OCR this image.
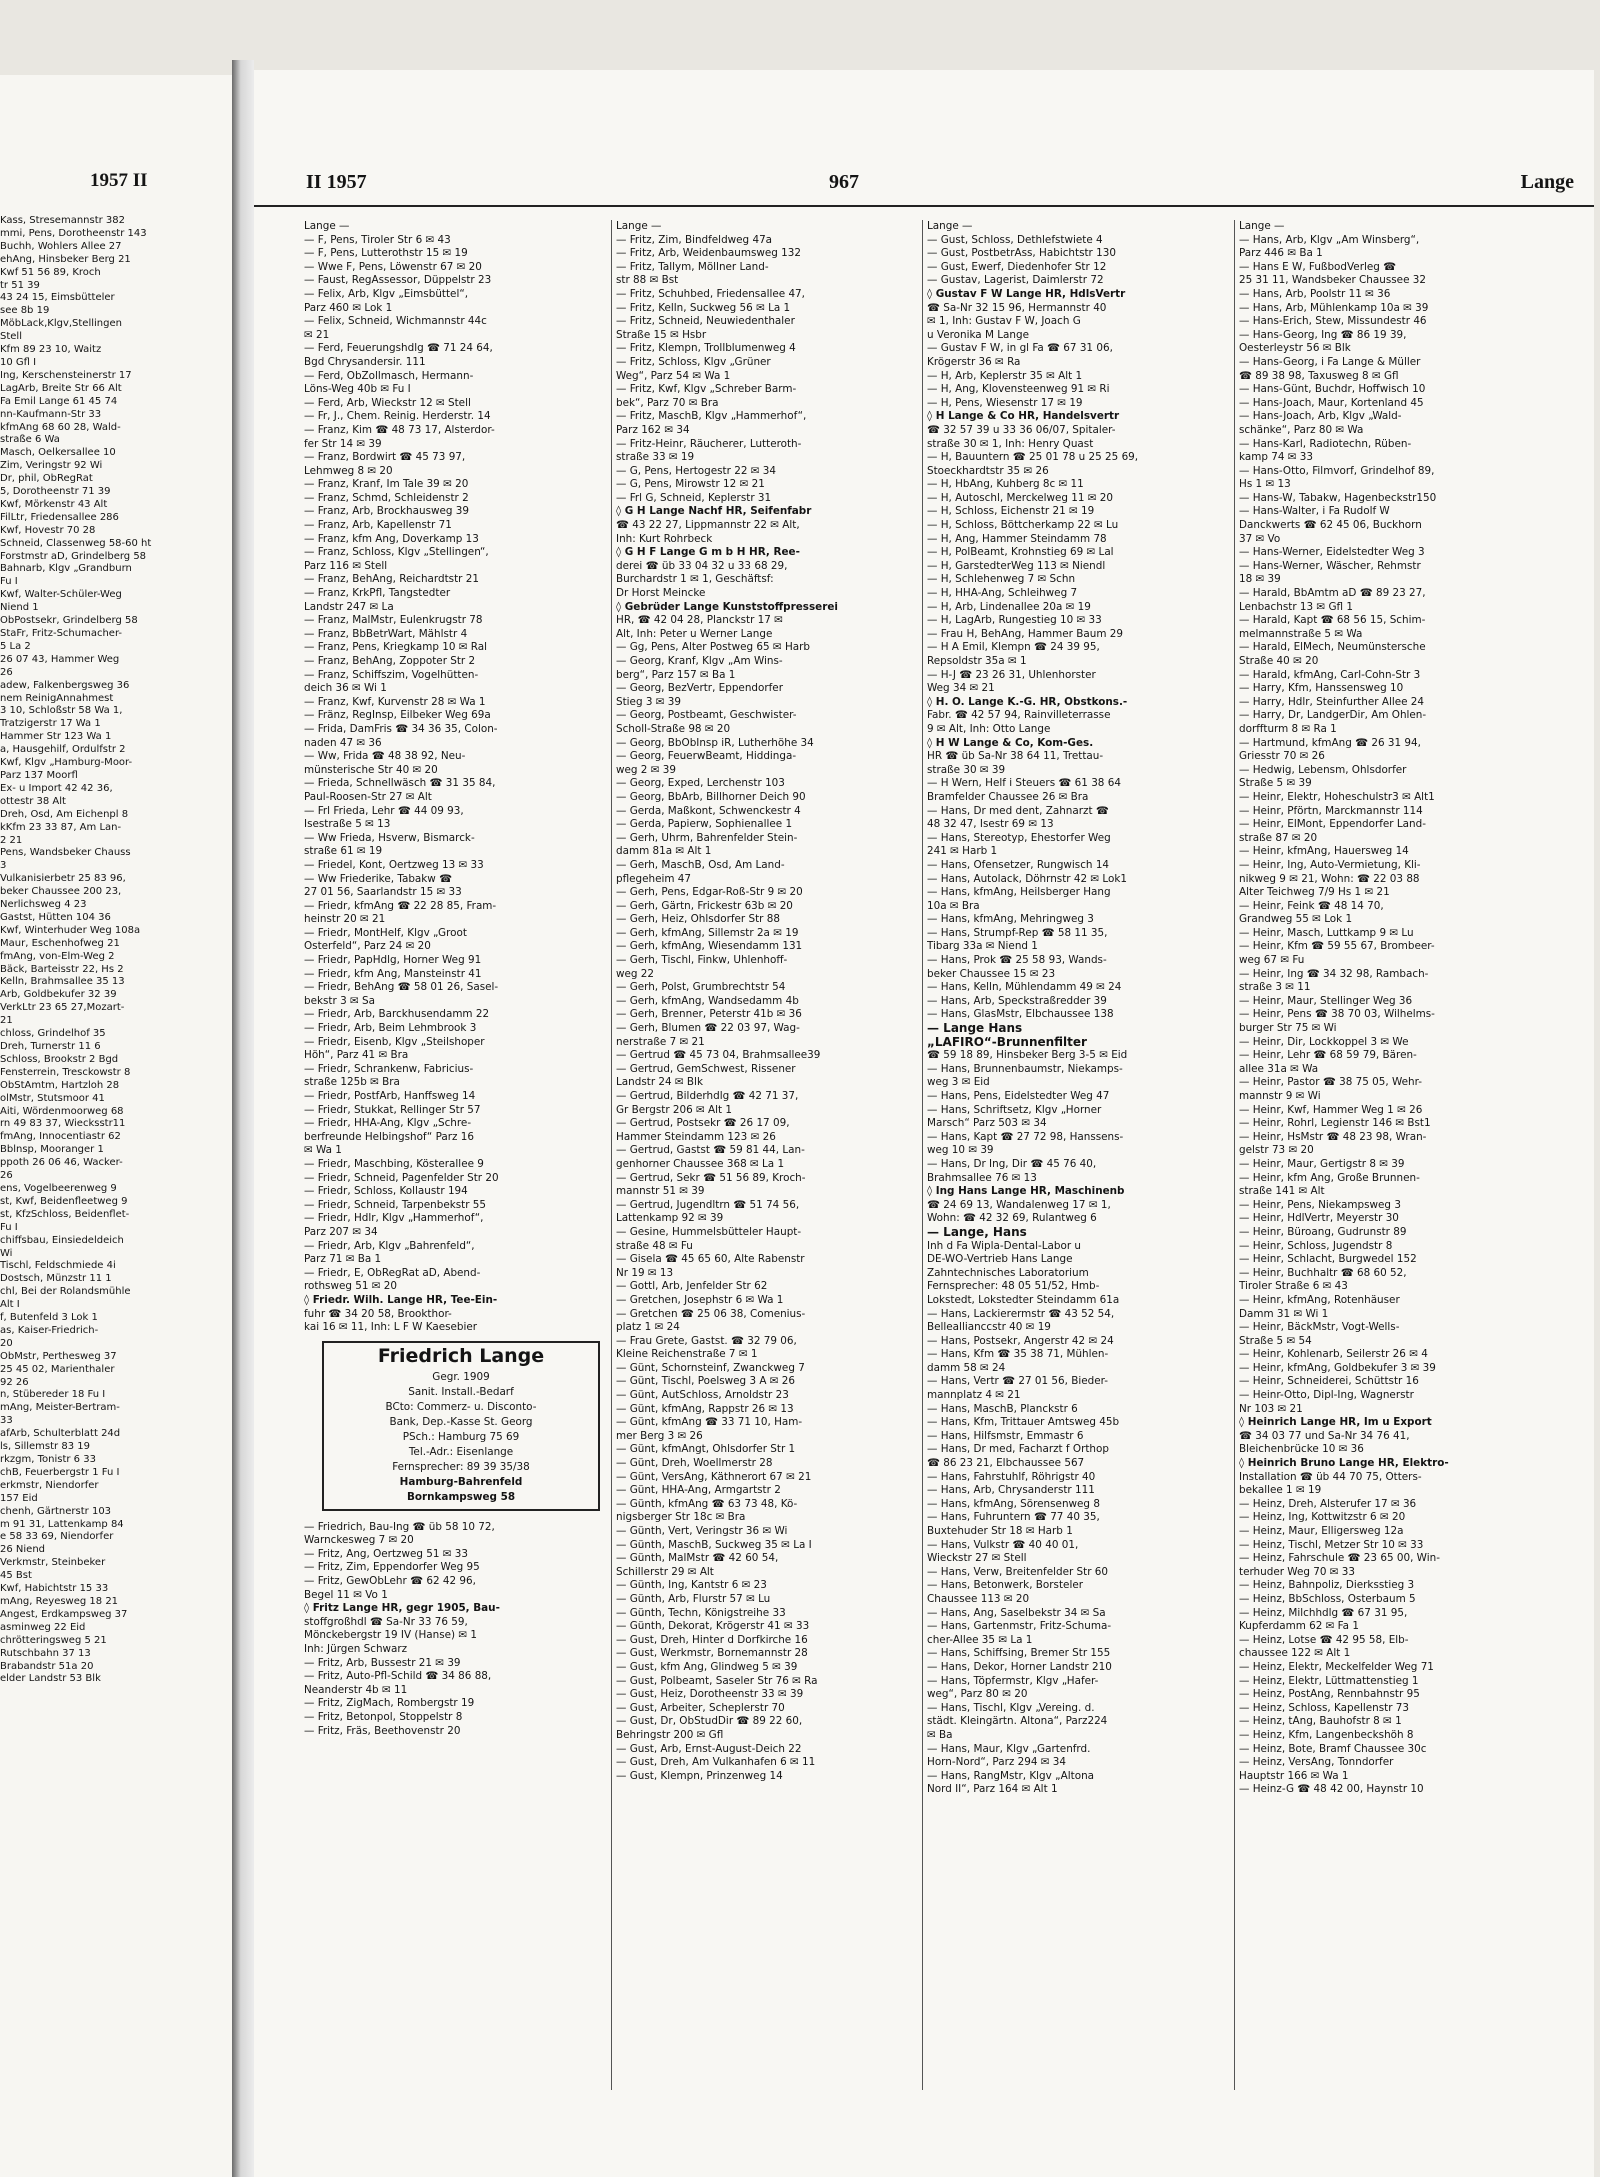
1957 II
Kass, Stresemannstr 382
mmi, Pens, Dorotheenstr 143
Buchh, Wohlers Allee 27
ehAng, Hinsbeker Berg 21
Kwf 51 56 89, Kroch
tr 51 39
43 24 15, Eimsbütteler
see 8b 19
MöbLack,Klgv,Stellingen
Stell
Kfm 89 23 10, Waitz
10 Gfl I
Ing, Kerschensteinerstr 17
LagArb, Breite Str 66 Alt
Fa Emil Lange 61 45 74
nn-Kaufmann-Str 33
kfmAng 68 60 28, Wald-
straße 6 Wa
Masch, Oelkersallee 10
Zim, Veringstr 92 Wi
Dr, phil, ObRegRat
5, Dorotheenstr 71 39
Kwf, Mörkenstr 43 Alt
FilLtr, Friedensallee 286
Kwf, Hovestr 70 28
Schneid, Classenweg 58-60 ht
Forstmstr aD, Grindelberg 58
Bahnarb, Klgv „Grandburn
Fu I
Kwf, Walter-Schüler-Weg
Niend 1
ObPostsekr, Grindelberg 58
StaFr, Fritz-Schumacher-
5 La 2
26 07 43, Hammer Weg
26
adew, Falkenbergsweg 36
nem ReinigAnnahmest
3 10, Schloßstr 58 Wa 1,
Tratzigerstr 17 Wa 1
Hammer Str 123 Wa 1
a, Hausgehilf, Ordulfstr 2
Kwf, Klgv „Hamburg-Moor-
Parz 137 Moorfl
Ex- u Import 42 42 36,
ottestr 38 Alt
Dreh, Osd, Am Eichenpl 8
kKfm 23 33 87, Am Lan-
2 21
Pens, Wandsbeker Chauss
3
Vulkanisierbetr 25 83 96,
beker Chaussee 200 23,
Nerlichsweg 4 23
Gastst, Hütten 104 36
Kwf, Winterhuder Weg 108a
Maur, Eschenhofweg 21
fmAng, von-Elm-Weg 2
Bäck, Barteisstr 22, Hs 2
Kelln, Brahmsallee 35 13
Arb, Goldbekufer 32 39
VerkLtr 23 65 27,Mozart-
21
chloss, Grindelhof 35
Dreh, Turnerstr 11 6
Schloss, Brookstr 2 Bgd
Fensterrein, Tresckowstr 8
ObStAmtm, Hartzloh 28
olMstr, Stutsmoor 41
Aiti, Wördenmoorweg 68
rn 49 83 37, Wiecksstr11
fmAng, Innocentiastr 62
Bblnsp, Mooranger 1
ppoth 26 06 46, Wacker-
26
ens, Vogelbeerenweg 9
st, Kwf, Beidenfleetweg 9
st, KfzSchloss, Beidenflet-
Fu I
chiffsbau, Einsiedeldeich
Wi
Tischl, Feldschmiede 4i
Dostsch, Münzstr 11 1
chl, Bei der Rolandsmühle
Alt I
f, Butenfeld 3 Lok 1
as, Kaiser-Friedrich-
20
ObMstr, Perthesweg 37
25 45 02, Marienthaler
92 26
n, Stübereder 18 Fu I
mAng, Meister-Bertram-
33
afArb, Schulterblatt 24d
ls, Sillemstr 83 19
rkzgm, Tonistr 6 33
chB, Feuerbergstr 1 Fu I
erkmstr, Niendorfer
157 Eid
chenh, Gärtnerstr 103
m 91 31, Lattenkamp 84
e 58 33 69, Niendorfer
26 Niend
Verkmstr, Steinbeker
45 Bst
Kwf, Habichtstr 15 33
mAng, Reyesweg 18 21
Angest, Erdkampsweg 37
asminweg 22 Eid
chrötteringsweg 5 21
Rutschbahn 37 13
Brabandstr 51a 20
elder Landstr 53 Blk
II 1957	967	Lange
Lange —
— F, Pens, Tiroler Str 6 ✉ 43
— F, Pens, Lutterothstr 15 ✉ 19
— Wwe F, Pens, Löwenstr 67 ✉ 20
— Faust, RegAssessor, Düppelstr 23
— Felix, Arb, Klgv „Eimsbüttel“,
Parz 460 ✉ Lok 1
— Felix, Schneid, Wichmannstr 44c
✉ 21
— Ferd, Feuerungshdlg ☎ 71 24 64,
Bgd Chrysandersir. 111
— Ferd, ObZollmasch, Hermann-
Löns-Weg 40b ✉ Fu I
— Ferd, Arb, Wieckstr 12 ✉ Stell
— Fr, J., Chem. Reinig. Herderstr. 14
— Franz, Kim ☎ 48 73 17, Alsterdor-
fer Str 14 ✉ 39
— Franz, Bordwirt ☎ 45 73 97,
Lehmweg 8 ✉ 20
— Franz, Kranf, Im Tale 39 ✉ 20
— Franz, Schmd, Schleidenstr 2
— Franz, Arb, Brockhausweg 39
— Franz, Arb, Kapellenstr 71
— Franz, kfm Ang, Doverkamp 13
— Franz, Schloss, Klgv „Stellingen“,
Parz 116 ✉ Stell
— Franz, BehAng, Reichardtstr 21
— Franz, KrkPfl, Tangstedter
Landstr 247 ✉ La
— Franz, MalMstr, Eulenkrugstr 78
— Franz, BbBetrWart, Mählstr 4
— Franz, Pens, Kriegkamp 10 ✉ Ral
— Franz, BehAng, Zoppoter Str 2
— Franz, Schiffszim, Vogelhütten-
deich 36 ✉ Wi 1
— Franz, Kwf, Kurvenstr 28 ✉ Wa 1
— Fränz, RegInsp, Eilbeker Weg 69a
— Frida, DamFris ☎ 34 36 35, Colon-
naden 47 ✉ 36
— Ww, Frida ☎ 48 38 92, Neu-
münsterische Str 40 ✉ 20
— Frieda, Schnellwäsch ☎ 31 35 84,
Paul-Roosen-Str 27 ✉ Alt
— Frl Frieda, Lehr ☎ 44 09 93,
Isestraße 5 ✉ 13
— Ww Frieda, Hsverw, Bismarck-
straße 61 ✉ 19
— Friedel, Kont, Oertzweg 13 ✉ 33
— Ww Friederike, Tabakw ☎
27 01 56, Saarlandstr 15 ✉ 33
— Friedr, kfmAng ☎ 22 28 85, Fram-
heinstr 20 ✉ 21
— Friedr, MontHelf, Klgv „Groot
Osterfeld“, Parz 24 ✉ 20
— Friedr, PapHdlg, Horner Weg 91
— Friedr, kfm Ang, Mansteinstr 41
— Friedr, BehAng ☎ 58 01 26, Sasel-
bekstr 3 ✉ Sa
— Friedr, Arb, Barckhusendamm 22
— Friedr, Arb, Beim Lehmbrook 3
— Friedr, Eisenb, Klgv „Steilshoper
Höh“, Parz 41 ✉ Bra
— Friedr, Schrankenw, Fabricius-
straße 125b ✉ Bra
— Friedr, PostfArb, Hanffsweg 14
— Friedr, Stukkat, Rellinger Str 57
— Friedr, HHA-Ang, Klgv „Schre-
berfreunde Helbingshof“ Parz 16
✉ Wa 1
— Friedr, Maschbing, Kösterallee 9
— Friedr, Schneid, Pagenfelder Str 20
— Friedr, Schloss, Kollaustr 194
— Friedr, Schneid, Tarpenbekstr 55
— Friedr, Hdlr, Klgv „Hammerhof“,
Parz 207 ✉ 34
— Friedr, Arb, Klgv „Bahrenfeld“,
Parz 71 ✉ Ba 1
— Friedr, E, ObRegRat aD, Abend-
rothsweg 51 ✉ 20
◊ Friedr. Wilh. Lange HR, Tee-Ein-
fuhr ☎ 34 20 58, Brookthor-
kai 16 ✉ 11, Inh: L F W Kaesebier
Friedrich Lange
Gegr. 1909
Sanit. Install.-Bedarf
BCto: Commerz- u. Disconto-
Bank, Dep.-Kasse St. Georg
PSch.: Hamburg 75 69
Tel.-Adr.: Eisenlange
Fernsprecher: 89 39 35/38
Hamburg-Bahrenfeld
Bornkampsweg 58
— Friedrich, Bau-Ing ☎ üb 58 10 72,
Warnckesweg 7 ✉ 20
— Fritz, Ang, Oertzweg 51 ✉ 33
— Fritz, Zim, Eppendorfer Weg 95
— Fritz, GewObLehr ☎ 62 42 96,
Begel 11 ✉ Vo 1
◊ Fritz Lange HR, gegr 1905, Bau-
stoffgroßhdl ☎ Sa-Nr 33 76 59,
Mönckebergstr 19 IV (Hanse) ✉ 1
Inh: Jürgen Schwarz
— Fritz, Arb, Bussestr 21 ✉ 39
— Fritz, Auto-Pfl-Schild ☎ 34 86 88,
Neanderstr 4b ✉ 11
— Fritz, ZigMach, Rombergstr 19
— Fritz, Betonpol, Stoppelstr 8
— Fritz, Fräs, Beethovenstr 20
Lange —
— Fritz, Zim, Bindfeldweg 47a
— Fritz, Arb, Weidenbaumsweg 132
— Fritz, Tallym, Möllner Land-
str 88 ✉ Bst
— Fritz, Schuhbed, Friedensallee 47,
— Fritz, Kelln, Suckweg 56 ✉ La 1
— Fritz, Schneid, Neuwiedenthaler
Straße 15 ✉ Hsbr
— Fritz, Klempn, Trollblumenweg 4
— Fritz, Schloss, Klgv „Grüner
Weg“, Parz 54 ✉ Wa 1
— Fritz, Kwf, Klgv „Schreber Barm-
bek“, Parz 70 ✉ Bra
— Fritz, MaschB, Klgv „Hammerhof“,
Parz 162 ✉ 34
— Fritz-Heinr, Räucherer, Lutteroth-
straße 33 ✉ 19
— G, Pens, Hertogestr 22 ✉ 34
— G, Pens, Mirowstr 12 ✉ 21
— Frl G, Schneid, Keplerstr 31
◊ G H Lange Nachf HR, Seifenfabr
☎ 43 22 27, Lippmannstr 22 ✉ Alt,
Inh: Kurt Rohrbeck
◊ G H F Lange G m b H HR, Ree-
derei ☎ üb 33 04 32 u 33 68 29,
Burchardstr 1 ✉ 1, Geschäftsf:
Dr Horst Meincke
◊ Gebrüder Lange Kunststoffpresserei
HR, ☎ 42 04 28, Planckstr 17 ✉
Alt, Inh: Peter u Werner Lange
— Gg, Pens, Alter Postweg 65 ✉ Harb
— Georg, Kranf, Klgv „Am Wins-
berg“, Parz 157 ✉ Ba 1
— Georg, BezVertr, Eppendorfer
Stieg 3 ✉ 39
— Georg, Postbeamt, Geschwister-
Scholl-Straße 98 ✉ 20
— Georg, BbObInsp iR, Lutherhöhe 34
— Georg, FeuerwBeamt, Hiddinga-
weg 2 ✉ 39
— Georg, Exped, Lerchenstr 103
— Georg, BbArb, Billhorner Deich 90
— Gerda, Maßkont, Schwenckestr 4
— Gerda, Papierw, Sophienallee 1
— Gerh, Uhrm, Bahrenfelder Stein-
damm 81a ✉ Alt 1
— Gerh, MaschB, Osd, Am Land-
pflegeheim 47
— Gerh, Pens, Edgar-Roß-Str 9 ✉ 20
— Gerh, Gärtn, Frickestr 63b ✉ 20
— Gerh, Heiz, Ohlsdorfer Str 88
— Gerh, kfmAng, Sillemstr 2a ✉ 19
— Gerh, kfmAng, Wiesendamm 131
— Gerh, Tischl, Finkw, Uhlenhoff-
weg 22
— Gerh, Polst, Grumbrechtstr 54
— Gerh, kfmAng, Wandsedamm 4b
— Gerh, Brenner, Peterstr 41b ✉ 36
— Gerh, Blumen ☎ 22 03 97, Wag-
nerstraße 7 ✉ 21
— Gertrud ☎ 45 73 04, Brahmsallee39
— Gertrud, GemSchwest, Rissener
Landstr 24 ✉ Blk
— Gertrud, Bilderhdlg ☎ 42 71 37,
Gr Bergstr 206 ✉ Alt 1
— Gertrud, Postsekr ☎ 26 17 09,
Hammer Steindamm 123 ✉ 26
— Gertrud, Gastst ☎ 59 81 44, Lan-
genhorner Chaussee 368 ✉ La 1
— Gertrud, Sekr ☎ 51 56 89, Kroch-
mannstr 51 ✉ 39
— Gertrud, Jugendltrn ☎ 51 74 56,
Lattenkamp 92 ✉ 39
— Gesine, Hummelsbütteler Haupt-
straße 48 ✉ Fu
— Gisela ☎ 45 65 60, Alte Rabenstr
Nr 19 ✉ 13
— Gottl, Arb, Jenfelder Str 62
— Gretchen, Josephstr 6 ✉ Wa 1
— Gretchen ☎ 25 06 38, Comenius-
platz 1 ✉ 24
— Frau Grete, Gastst. ☎ 32 79 06,
Kleine Reichenstraße 7 ✉ 1
— Günt, Schornsteinf, Zwanckweg 7
— Günt, Tischl, Poelsweg 3 A ✉ 26
— Günt, AutSchloss, Arnoldstr 23
— Günt, kfmAng, Rappstr 26 ✉ 13
— Günt, kfmAng ☎ 33 71 10, Ham-
mer Berg 3 ✉ 26
— Günt, kfmAngt, Ohlsdorfer Str 1
— Günt, Dreh, Woellmerstr 28
— Günt, VersAng, Käthnerort 67 ✉ 21
— Günt, HHA-Ang, Armgartstr 2
— Günth, kfmAng ☎ 63 73 48, Kö-
nigsberger Str 18c ✉ Bra
— Günth, Vert, Veringstr 36 ✉ Wi
— Günth, MaschB, Suckweg 35 ✉ La I
— Günth, MalMstr ☎ 42 60 54,
Schillerstr 29 ✉ Alt
— Günth, Ing, Kantstr 6 ✉ 23
— Günth, Arb, Flurstr 57 ✉ Lu
— Günth, Techn, Königstreihe 33
— Günth, Dekorat, Krögerstr 41 ✉ 33
— Gust, Dreh, Hinter d Dorfkirche 16
— Gust, Werkmstr, Bornemannstr 28
— Gust, kfm Ang, Glindweg 5 ✉ 39
— Gust, Polbeamt, Saseler Str 76 ✉ Ra
— Gust, Heiz, Dorotheenstr 33 ✉ 39
— Gust, Arbeiter, Scheplerstr 70
— Gust, Dr, ObStudDir ☎ 89 22 60,
Behringstr 200 ✉ Gfl
— Gust, Arb, Ernst-August-Deich 22
— Gust, Dreh, Am Vulkanhafen 6 ✉ 11
— Gust, Klempn, Prinzenweg 14
Lange —
— Gust, Schloss, Dethlefstwiete 4
— Gust, PostbetrAss, Habichtstr 130
— Gust, Ewerf, Diedenhofer Str 12
— Gustav, Lagerist, Daimlerstr 72
◊ Gustav F W Lange HR, HdlsVertr
☎ Sa-Nr 32 15 96, Hermannstr 40
✉ 1, Inh: Gustav F W, Joach G
u Veronika M Lange
— Gustav F W, in gl Fa ☎ 67 31 06,
Krögerstr 36 ✉ Ra
— H, Arb, Keplerstr 35 ✉ Alt 1
— H, Ang, Klovensteenweg 91 ✉ Ri
— H, Pens, Wiesenstr 17 ✉ 19
◊ H Lange & Co HR, Handelsvertr
☎ 32 57 39 u 33 36 06/07, Spitaler-
straße 30 ✉ 1, Inh: Henry Quast
— H, Bauuntern ☎ 25 01 78 u 25 25 69,
Stoeckhardtstr 35 ✉ 26
— H, HbAng, Kuhberg 8c ✉ 11
— H, Autoschl, Merckelweg 11 ✉ 20
— H, Schloss, Eichenstr 21 ✉ 19
— H, Schloss, Böttcherkamp 22 ✉ Lu
— H, Ang, Hammer Steindamm 78
— H, PolBeamt, Krohnstieg 69 ✉ Lal
— H, GarstedterWeg 113 ✉ Niendl
— H, Schlehenweg 7 ✉ Schn
— H, HHA-Ang, Schleihweg 7
— H, Arb, Lindenallee 20a ✉ 19
— H, LagArb, Rungestieg 10 ✉ 33
— Frau H, BehAng, Hammer Baum 29
— H A Emil, Klempn ☎ 24 39 95,
Repsoldstr 35a ✉ 1
— H-J ☎ 23 26 31, Uhlenhorster
Weg 34 ✉ 21
◊ H. O. Lange K.-G. HR, Obstkons.-
Fabr. ☎ 42 57 94, Rainvilleterrasse
9 ✉ Alt, Inh: Otto Lange
◊ H W Lange & Co, Kom-Ges.
HR ☎ üb Sa-Nr 38 64 11, Trettau-
straße 30 ✉ 39
— H Wern, Helf i Steuers ☎ 61 38 64
Bramfelder Chaussee 26 ✉ Bra
— Hans, Dr med dent, Zahnarzt ☎
48 32 47, Isestr 69 ✉ 13
— Hans, Stereotyp, Ehestorfer Weg
241 ✉ Harb 1
— Hans, Ofensetzer, Rungwisch 14
— Hans, Autolack, Döhrnstr 42 ✉ Lok1
— Hans, kfmAng, Heilsberger Hang
10a ✉ Bra
— Hans, kfmAng, Mehringweg 3
— Hans, Strumpf-Rep ☎ 58 11 35,
Tibarg 33a ✉ Niend 1
— Hans, Prok ☎ 25 58 93, Wands-
beker Chaussee 15 ✉ 23
— Hans, Kelln, Mühlendamm 49 ✉ 24
— Hans, Arb, Speckstraßredder 39
— Hans, GlasMstr, Elbchaussee 138
— Lange Hans
„LAFIRO“-Brunnenfilter
☎ 59 18 89, Hinsbeker Berg 3-5 ✉ Eid
— Hans, Brunnenbaumstr, Niekamps-
weg 3 ✉ Eid
— Hans, Pens, Eidelstedter Weg 47
— Hans, Schriftsetz, Klgv „Horner
Marsch“ Parz 503 ✉ 34
— Hans, Kapt ☎ 27 72 98, Hanssens-
weg 10 ✉ 39
— Hans, Dr Ing, Dir ☎ 45 76 40,
Brahmsallee 76 ✉ 13
◊ Ing Hans Lange HR, Maschinenb
☎ 24 69 13, Wandalenweg 17 ✉ 1,
Wohn: ☎ 42 32 69, Rulantweg 6
— Lange, Hans
Inh d Fa Wipla-Dental-Labor u
DE-WO-Vertrieb Hans Lange
Zahntechnisches Laboratorium
Fernsprecher: 48 05 51/52, Hmb-
Lokstedt, Lokstedter Steindamm 61a
— Hans, Lackierermstr ☎ 43 52 54,
Belleallianccstr 40 ✉ 19
— Hans, Postsekr, Angerstr 42 ✉ 24
— Hans, Kfm ☎ 35 38 71, Mühlen-
damm 58 ✉ 24
— Hans, Vertr ☎ 27 01 56, Bieder-
mannplatz 4 ✉ 21
— Hans, MaschB, Planckstr 6
— Hans, Kfm, Trittauer Amtsweg 45b
— Hans, Hilfsmstr, Emmastr 6
— Hans, Dr med, Facharzt f Orthop
☎ 86 23 21, Elbchaussee 567
— Hans, Fahrstuhlf, Röhrigstr 40
— Hans, Arb, Chrysanderstr 111
— Hans, kfmAng, Sörensenweg 8
— Hans, Fuhruntern ☎ 77 40 35,
Buxtehuder Str 18 ✉ Harb 1
— Hans, Vulkstr ☎ 40 40 01,
Wieckstr 27 ✉ Stell
— Hans, Verw, Breitenfelder Str 60
— Hans, Betonwerk, Borsteler
Chaussee 113 ✉ 20
— Hans, Ang, Saselbekstr 34 ✉ Sa
— Hans, Gartenmstr, Fritz-Schuma-
cher-Allee 35 ✉ La 1
— Hans, Schiffsing, Bremer Str 155
— Hans, Dekor, Horner Landstr 210
— Hans, Töpfermstr, Klgv „Hafer-
weg“, Parz 80 ✉ 20
— Hans, Tischl, Klgv „Vereing. d.
städt. Kleingärtn. Altona“, Parz224
✉ Ba
— Hans, Maur, Klgv „Gartenfrd.
Horn-Nord“, Parz 294 ✉ 34
— Hans, RangMstr, Klgv „Altona
Nord II“, Parz 164 ✉ Alt 1
Lange —
— Hans, Arb, Klgv „Am Winsberg“,
Parz 446 ✉ Ba 1
— Hans E W, FußbodVerleg ☎
25 31 11, Wandsbeker Chaussee 32
— Hans, Arb, Poolstr 11 ✉ 36
— Hans, Arb, Mühlenkamp 10a ✉ 39
— Hans-Erich, Stew, Missundestr 46
— Hans-Georg, Ing ☎ 86 19 39,
Oesterleystr 56 ✉ Blk
— Hans-Georg, i Fa Lange & Müller
☎ 89 38 98, Taxusweg 8 ✉ Gfl
— Hans-Günt, Buchdr, Hoffwisch 10
— Hans-Joach, Maur, Kortenland 45
— Hans-Joach, Arb, Klgv „Wald-
schänke“, Parz 80 ✉ Wa
— Hans-Karl, Radiotechn, Rüben-
kamp 74 ✉ 33
— Hans-Otto, Filmvorf, Grindelhof 89,
Hs 1 ✉ 13
— Hans-W, Tabakw, Hagenbeckstr150
— Hans-Walter, i Fa Rudolf W
Danckwerts ☎ 62 45 06, Buckhorn
37 ✉ Vo
— Hans-Werner, Eidelstedter Weg 3
— Hans-Werner, Wäscher, Rehmstr
18 ✉ 39
— Harald, BbAmtm aD ☎ 89 23 27,
Lenbachstr 13 ✉ Gfl 1
— Harald, Kapt ☎ 68 56 15, Schim-
melmannstraße 5 ✉ Wa
— Harald, ElMech, Neumünstersche
Straße 40 ✉ 20
— Harald, kfmAng, Carl-Cohn-Str 3
— Harry, Kfm, Hanssensweg 10
— Harry, Hdlr, Steinfurther Allee 24
— Harry, Dr, LandgerDir, Am Ohlen-
dorffturm 8 ✉ Ra 1
— Hartmund, kfmAng ☎ 26 31 94,
Griesstr 70 ✉ 26
— Hedwig, Lebensm, Ohlsdorfer
Straße 5 ✉ 39
— Heinr, Elektr, Hoheschulstr3 ✉ Alt1
— Heinr, Pförtn, Marckmannstr 114
— Heinr, ElMont, Eppendorfer Land-
straße 87 ✉ 20
— Heinr, kfmAng, Hauersweg 14
— Heinr, Ing, Auto-Vermietung, Kli-
nikweg 9 ✉ 21, Wohn: ☎ 22 03 88
Alter Teichweg 7/9 Hs 1 ✉ 21
— Heinr, Feink ☎ 48 14 70,
Grandweg 55 ✉ Lok 1
— Heinr, Masch, Luttkamp 9 ✉ Lu
— Heinr, Kfm ☎ 59 55 67, Brombeer-
weg 67 ✉ Fu
— Heinr, Ing ☎ 34 32 98, Rambach-
straße 3 ✉ 11
— Heinr, Maur, Stellinger Weg 36
— Heinr, Pens ☎ 38 70 03, Wilhelms-
burger Str 75 ✉ Wi
— Heinr, Dir, Lockkoppel 3 ✉ We
— Heinr, Lehr ☎ 68 59 79, Bären-
allee 31a ✉ Wa
— Heinr, Pastor ☎ 38 75 05, Wehr-
mannstr 9 ✉ Wi
— Heinr, Kwf, Hammer Weg 1 ✉ 26
— Heinr, Rohrl, Legienstr 146 ✉ Bst1
— Heinr, HsMstr ☎ 48 23 98, Wran-
gelstr 73 ✉ 20
— Heinr, Maur, Gertigstr 8 ✉ 39
— Heinr, kfm Ang, Große Brunnen-
straße 141 ✉ Alt
— Heinr, Pens, Niekampsweg 3
— Heinr, HdlVertr, Meyerstr 30
— Heinr, Büroang, Gudrunstr 89
— Heinr, Schloss, Jugendstr 8
— Heinr, Schlacht, Burgwedel 152
— Heinr, Buchhaltr ☎ 68 60 52,
Tiroler Straße 6 ✉ 43
— Heinr, kfmAng, Rotenhäuser
Damm 31 ✉ Wi 1
— Heinr, BäckMstr, Vogt-Wells-
Straße 5 ✉ 54
— Heinr, Kohlenarb, Seilerstr 26 ✉ 4
— Heinr, kfmAng, Goldbekufer 3 ✉ 39
— Heinr, Schneiderei, Schüttstr 16
— Heinr-Otto, Dipl-Ing, Wagnerstr
Nr 103 ✉ 21
◊ Heinrich Lange HR, Im u Export
☎ 34 03 77 und Sa-Nr 34 76 41,
Bleichenbrücke 10 ✉ 36
◊ Heinrich Bruno Lange HR, Elektro-
Installation ☎ üb 44 70 75, Otters-
bekallee 1 ✉ 19
— Heinz, Dreh, Alsterufer 17 ✉ 36
— Heinz, Ing, Kottwitzstr 6 ✉ 20
— Heinz, Maur, Elligersweg 12a
— Heinz, Tischl, Metzer Str 10 ✉ 33
— Heinz, Fahrschule ☎ 23 65 00, Win-
terhuder Weg 70 ✉ 33
— Heinz, Bahnpoliz, Dierksstieg 3
— Heinz, BbSchloss, Osterbaum 5
— Heinz, Milchhdlg ☎ 67 31 95,
Kupferdamm 62 ✉ Fa 1
— Heinz, Lotse ☎ 42 95 58, Elb-
chaussee 122 ✉ Alt 1
— Heinz, Elektr, Meckelfelder Weg 71
— Heinz, Elektr, Lüttmattenstieg 1
— Heinz, PostAng, Rennbahnstr 95
— Heinz, Schloss, Kapellenstr 73
— Heinz, tAng, Bauhofstr 8 ✉ 1
— Heinz, Kfm, Langenbeckshöh 8
— Heinz, Bote, Bramf Chaussee 30c
— Heinz, VersAng, Tonndorfer
Hauptstr 166 ✉ Wa 1
— Heinz-G ☎ 48 42 00, Haynstr 10
